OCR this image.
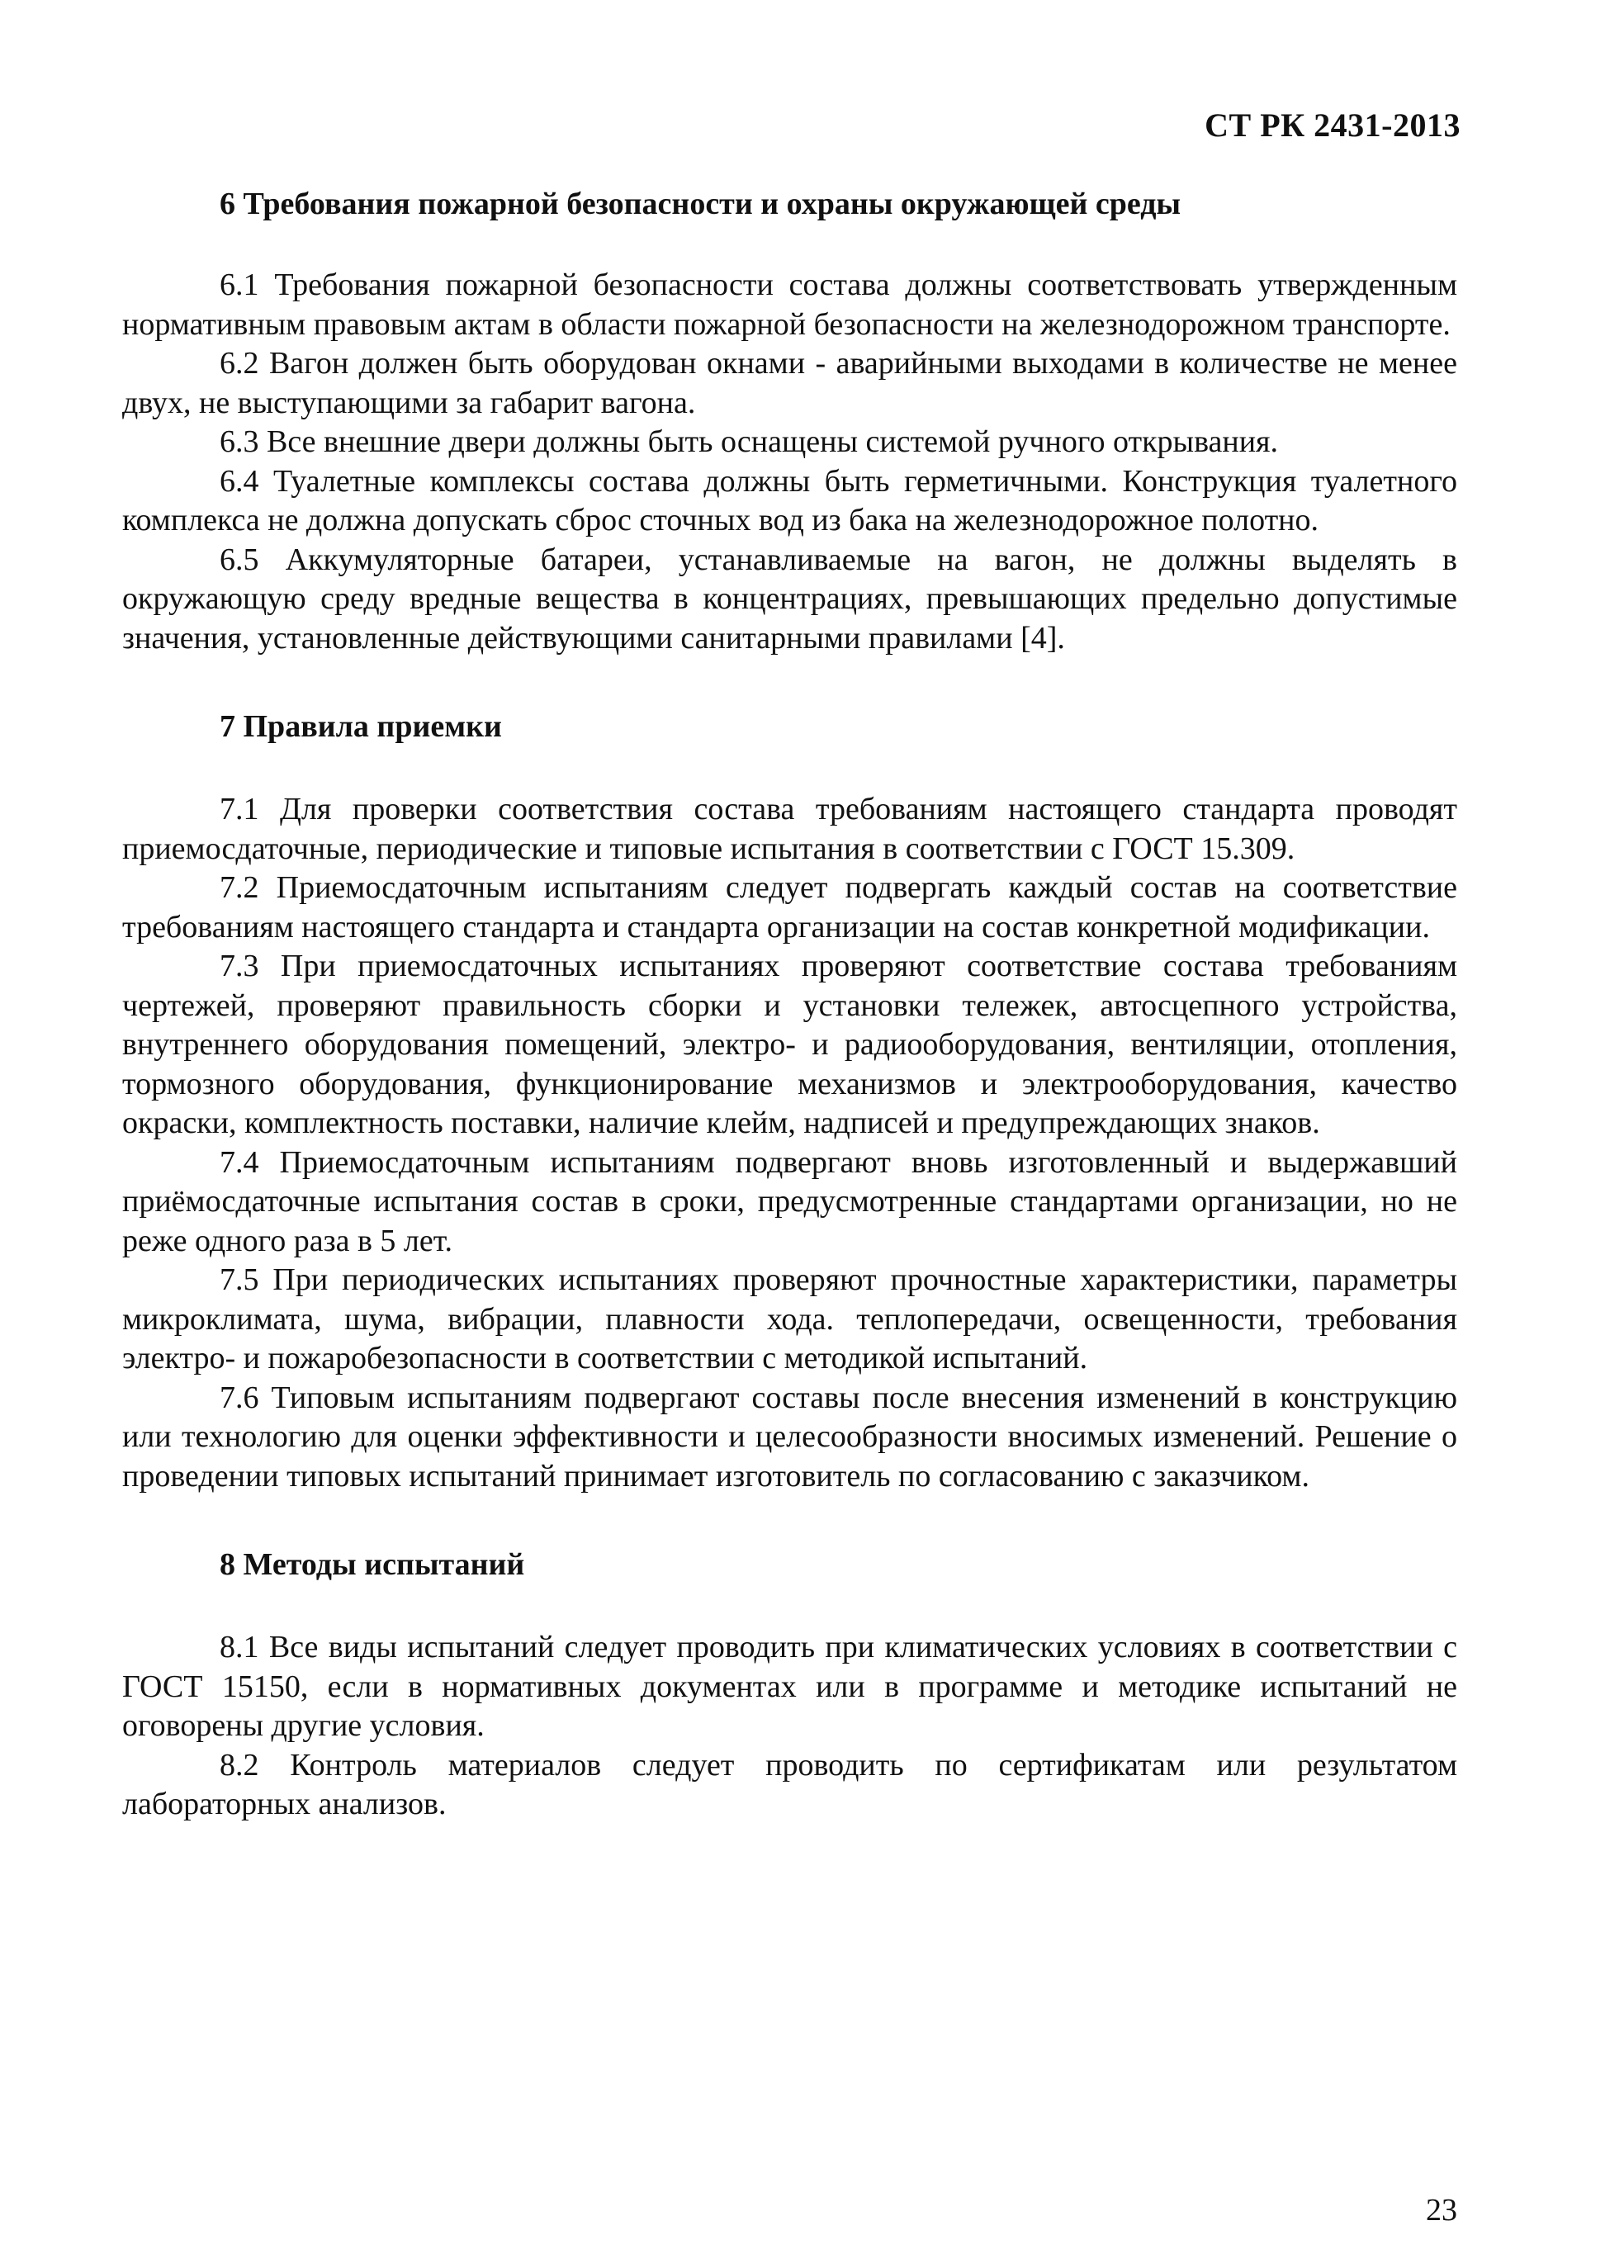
СТ РК 2431-2013
6 Требования пожарной безопасности и охраны окружающей среды

6.1 Требования пожарной безопасности состава должны соответствовать утвержденным нормативным правовым актам в области пожарной безопасности на железнодорожном транспорте.

6.2 Вагон должен быть оборудован окнами - аварийными выходами в количестве не менее двух, не выступающими за габарит вагона.

6.3 Все внешние двери должны быть оснащены системой ручного открывания.

6.4 Туалетные комплексы состава должны быть герметичными. Конструкция туалетного комплекса не должна допускать сброс сточных вод из бака на железнодорожное полотно.

6.5 Аккумуляторные батареи, устанавливаемые на вагон, не должны выделять в окружающую среду вредные вещества в концентрациях, превышающих предельно допустимые значения, установленные действующими санитарными правилами [4].

7 Правила приемки

7.1 Для проверки соответствия состава требованиям настоящего стандарта проводят приемосдаточные, периодические и типовые испытания в соответствии с ГОСТ 15.309.

7.2 Приемосдаточным испытаниям следует подвергать каждый состав на соответствие требованиям настоящего стандарта и стандарта организации на состав конкретной модификации.

7.3 При приемосдаточных испытаниях проверяют соответствие состава требованиям чертежей, проверяют правильность сборки и установки тележек, автосцепного устройства, внутреннего оборудования помещений, электро- и радиооборудования, вентиляции, отопления, тормозного оборудования, функционирование механизмов и электрооборудования, качество окраски, комплектность поставки, наличие клейм, надписей и предупреждающих знаков.

7.4 Приемосдаточным испытаниям подвергают вновь изготовленный и выдержавший приёмосдаточные испытания состав в сроки, предусмотренные стандартами организации, но не реже одного раза в 5 лет.

7.5 При периодических испытаниях проверяют прочностные характеристики, параметры микроклимата, шума, вибрации, плавности хода. теплопередачи, освещенности, требования электро- и пожаробезопасности в соответствии с методикой испытаний.

7.6 Типовым испытаниям подвергают составы после внесения изменений в конструкцию или технологию для оценки эффективности и целесообразности вносимых изменений. Решение о проведении типовых испытаний принимает изготовитель по согласованию с заказчиком.

8 Методы испытаний

8.1 Все виды испытаний следует проводить при климатических условиях в соответствии с ГОСТ 15150, если в нормативных документах или в программе и методике испытаний не оговорены другие условия.

8.2 Контроль материалов следует проводить по сертификатам или результатом лабораторных анализов.

23
